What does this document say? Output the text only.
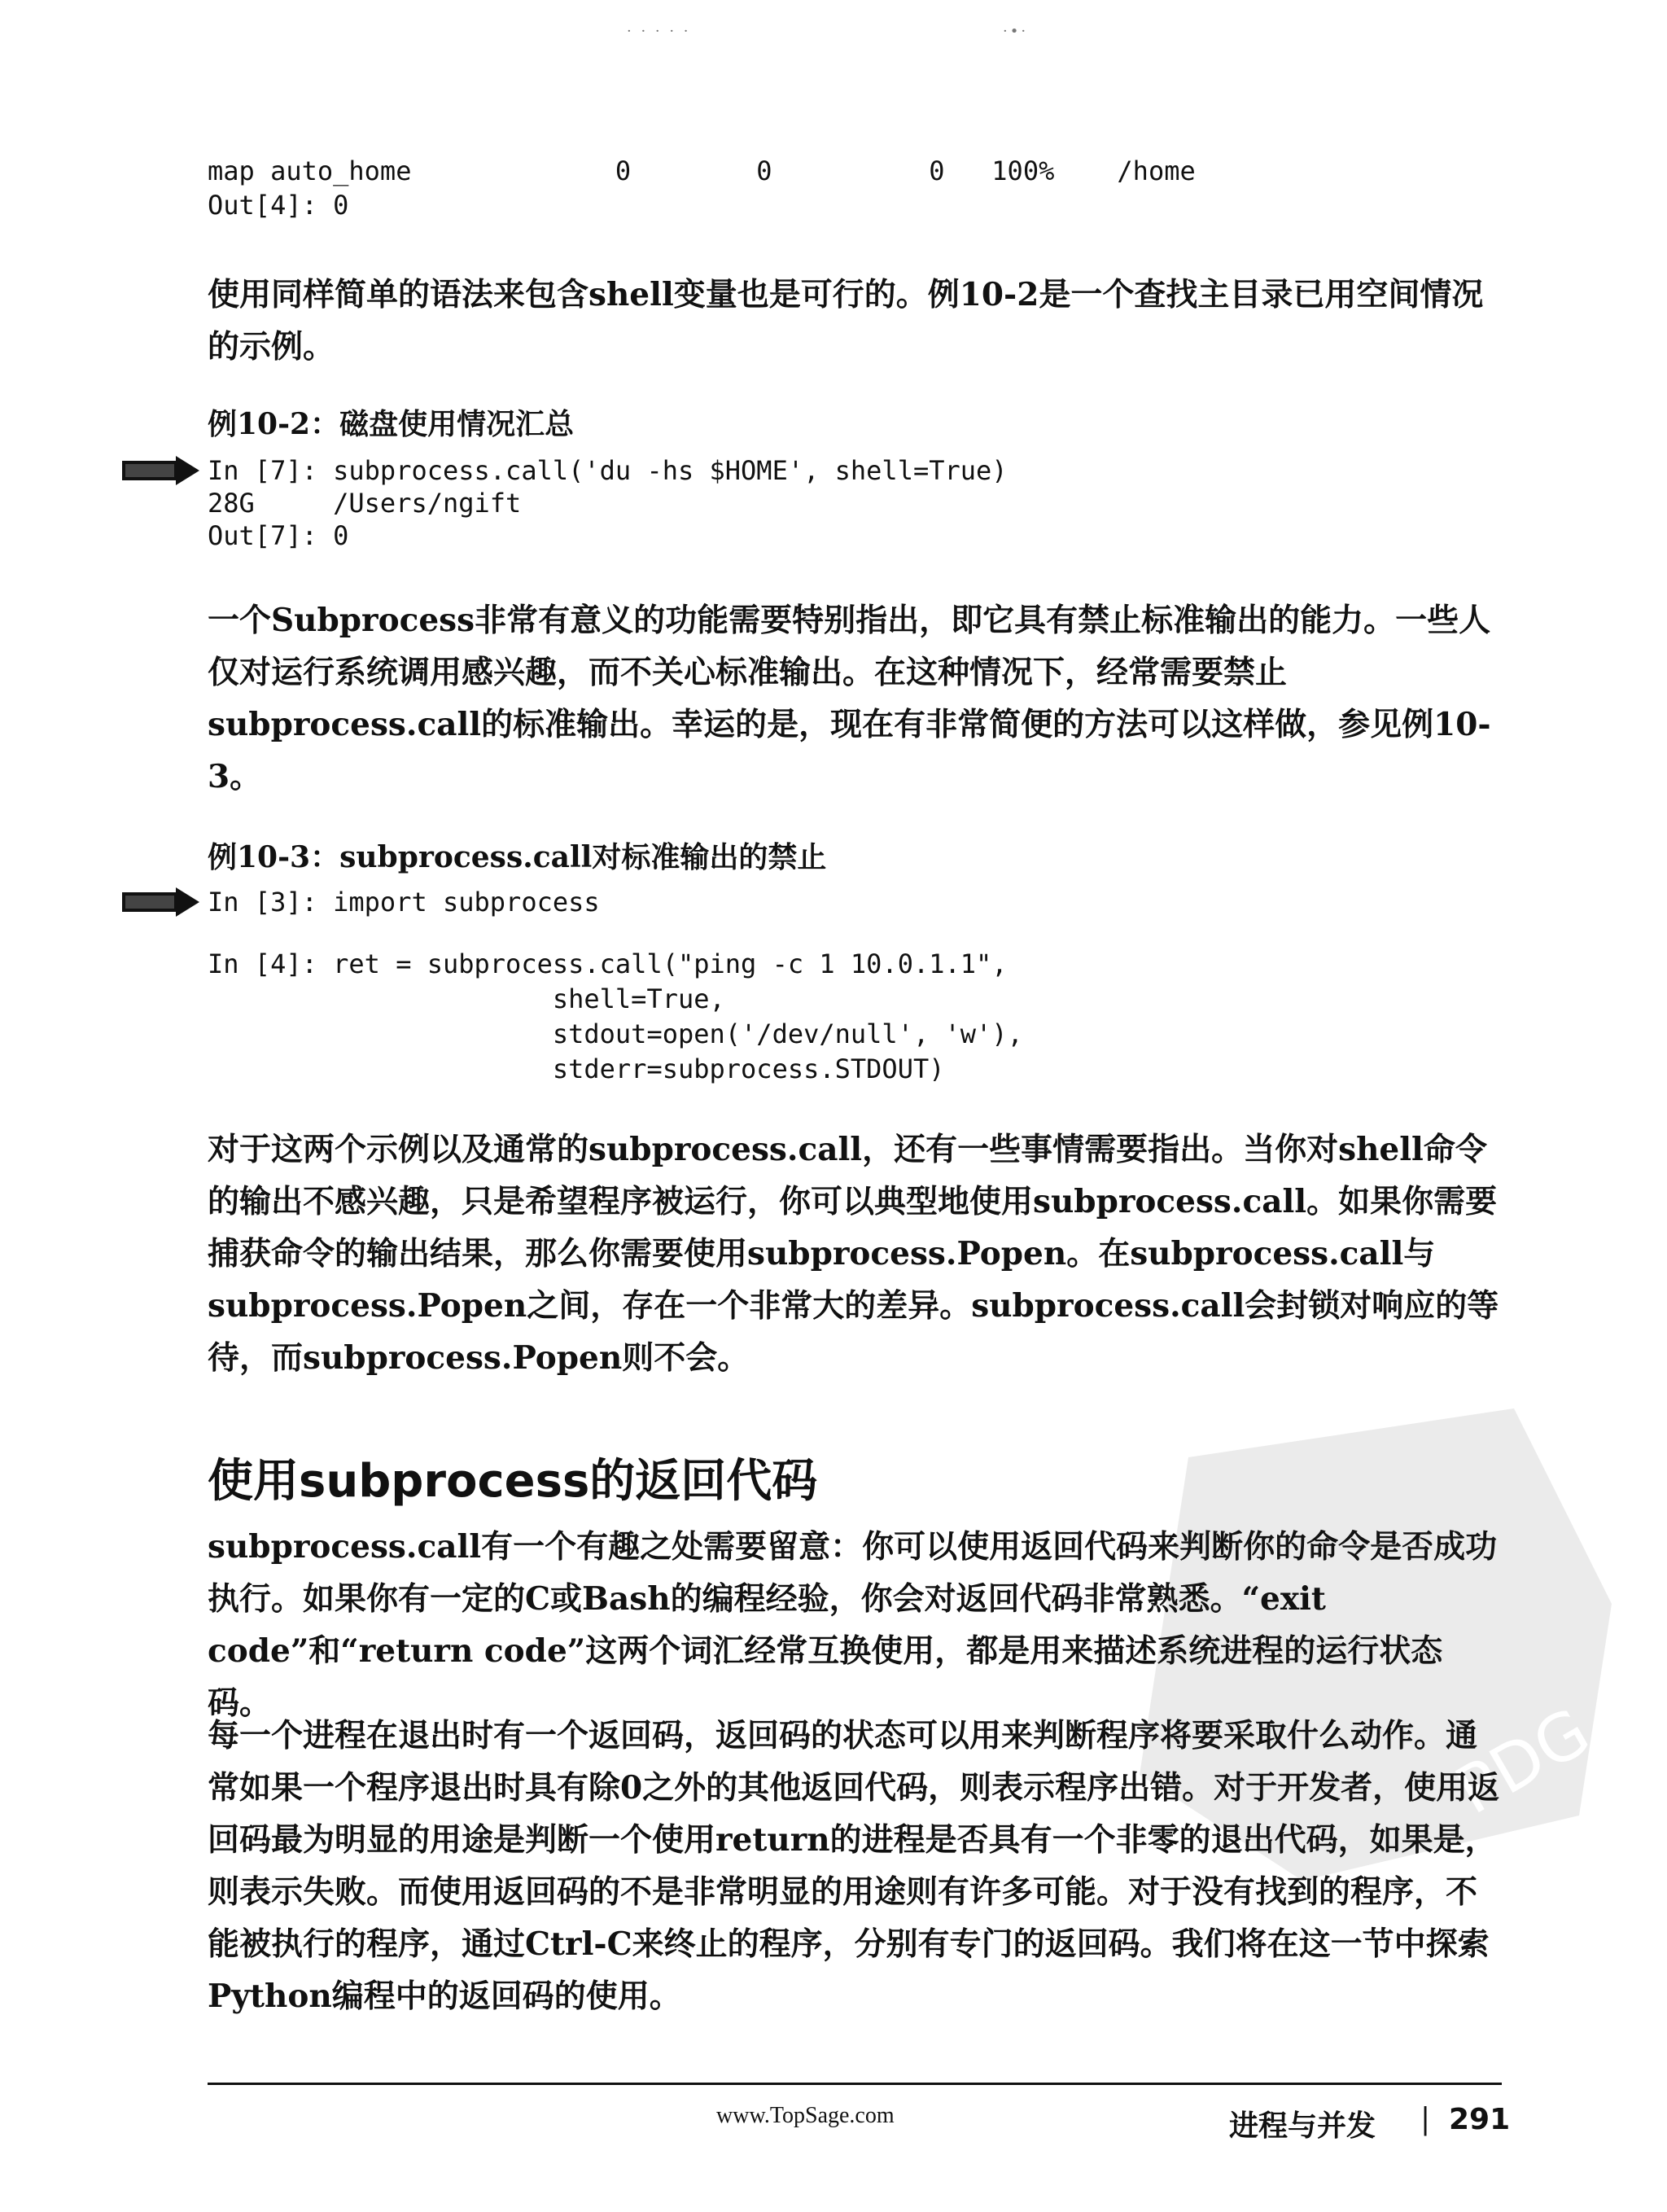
· · · · ·	·•·
map auto_home             0        0          0   100%    /home
Out[4]: 0
使用同样简单的语法来包含shell变量也是可行的。例10-2是一个查找主目录已用空间情况的示例。
例10-2：磁盘使用情况汇总
In [7]: subprocess.call('du -hs $HOME', shell=True)
28G     /Users/ngift
Out[7]: 0
一个Subprocess非常有意义的功能需要特别指出，即它具有禁止标准输出的能力。一些人仅对运行系统调用感兴趣，而不关心标准输出。在这种情况下，经常需要禁止subprocess.call的标准输出。幸运的是，现在有非常简便的方法可以这样做，参见例10-3。
例10-3：subprocess.call对标准输出的禁止
In [3]: import subprocess
In [4]: ret = subprocess.call("ping -c 1 10.0.1.1",
shell=True,
stdout=open('/dev/null', 'w'),
stderr=subprocess.STDOUT)
对于这两个示例以及通常的subprocess.call，还有一些事情需要指出。当你对shell命令的输出不感兴趣，只是希望程序被运行，你可以典型地使用subprocess.call。如果你需要捕获命令的输出结果，那么你需要使用subprocess.Popen。在subprocess.call与subprocess.Popen之间，存在一个非常大的差异。subprocess.call会封锁对响应的等待，而subprocess.Popen则不会。
使用subprocess的返回代码
PDG
subprocess.call有一个有趣之处需要留意：你可以使用返回代码来判断你的命令是否成功执行。如果你有一定的C或Bash的编程经验，你会对返回代码非常熟悉。“exit code”和“return code”这两个词汇经常互换使用，都是用来描述系统进程的运行状态码。
每一个进程在退出时有一个返回码，返回码的状态可以用来判断程序将要采取什么动作。通常如果一个程序退出时具有除0之外的其他返回代码，则表示程序出错。对于开发者，使用返回码最为明显的用途是判断一个使用return的进程是否具有一个非零的退出代码，如果是，则表示失败。而使用返回码的不是非常明显的用途则有许多可能。对于没有找到的程序，不能被执行的程序，通过Ctrl-C来终止的程序，分别有专门的返回码。我们将在这一节中探索Python编程中的返回码的使用。
www.TopSage.com	进程与并发 | 291
